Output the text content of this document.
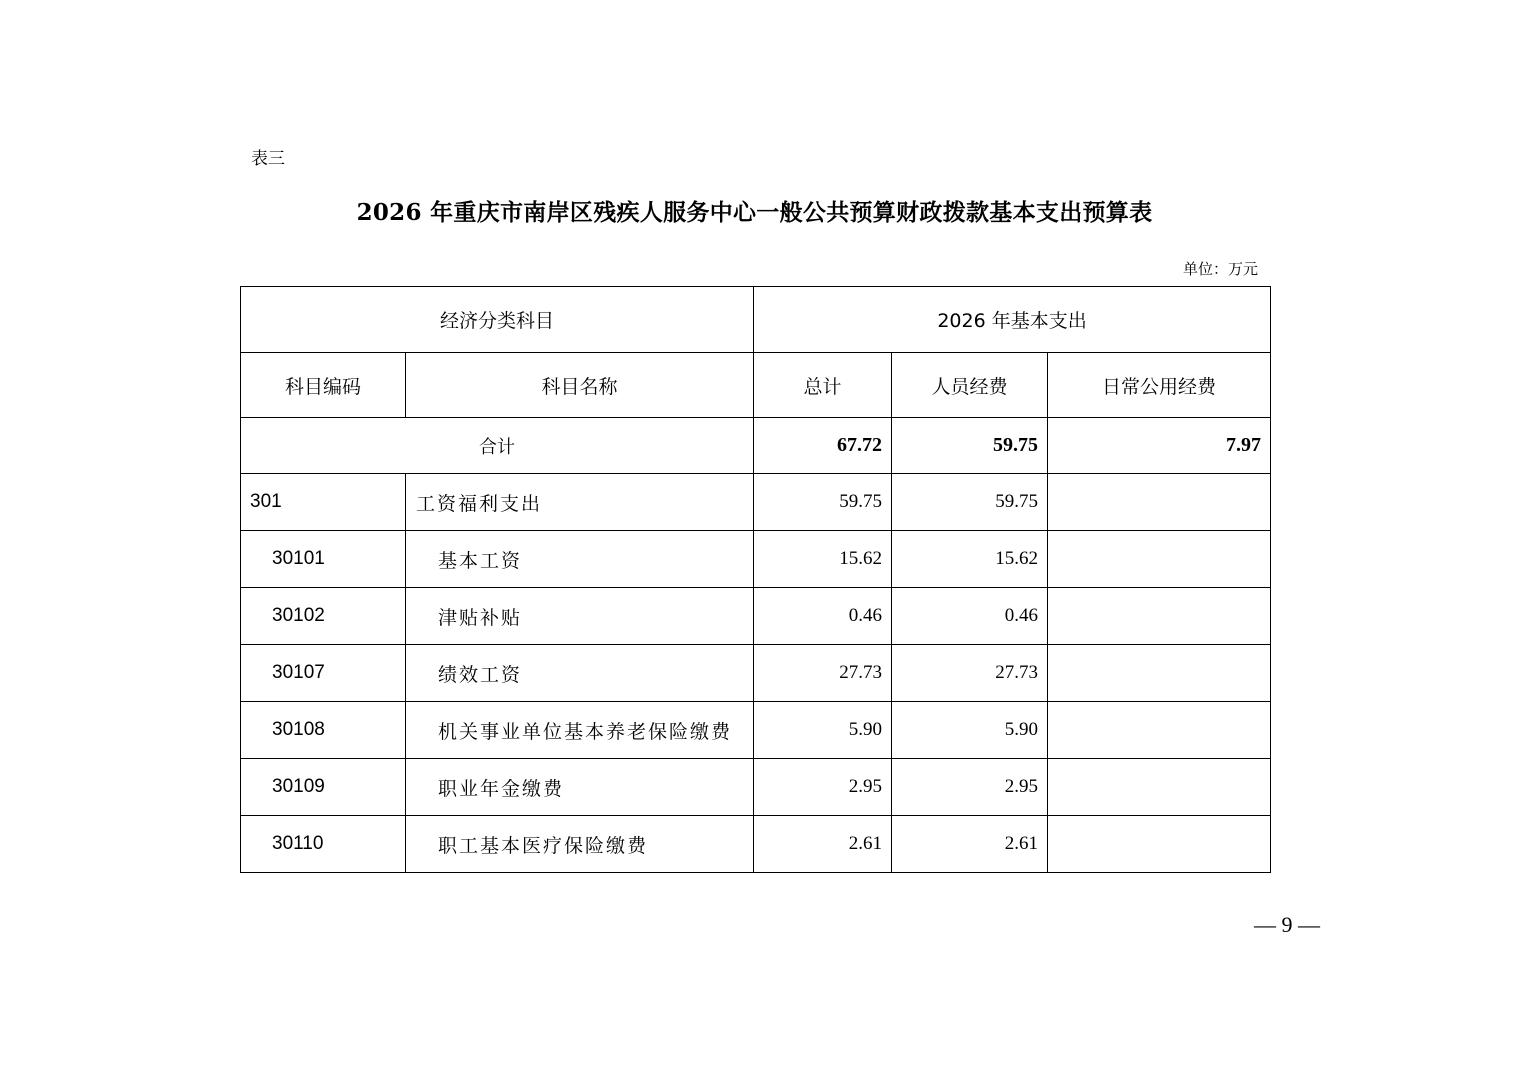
表三
2026 年重庆市南岸区残疾人服务中心一般公共预算财政拨款基本支出预算表
单位：万元
经济分类科目		2026 年基本支出		
科目编码	科目名称	总计	人员经费	日常公用经费
合计		67.72	59.75	7.97
301	工资福利支出	59.75	59.75	
30101	基本工资	15.62	15.62	
30102	津贴补贴	0.46	0.46	
30107	绩效工资	27.73	27.73	
30108	机关事业单位基本养老保险缴费	5.90	5.90	
30109	职业年金缴费	2.95	2.95	
30110	职工基本医疗保险缴费	2.61	2.61	
— 9 —
